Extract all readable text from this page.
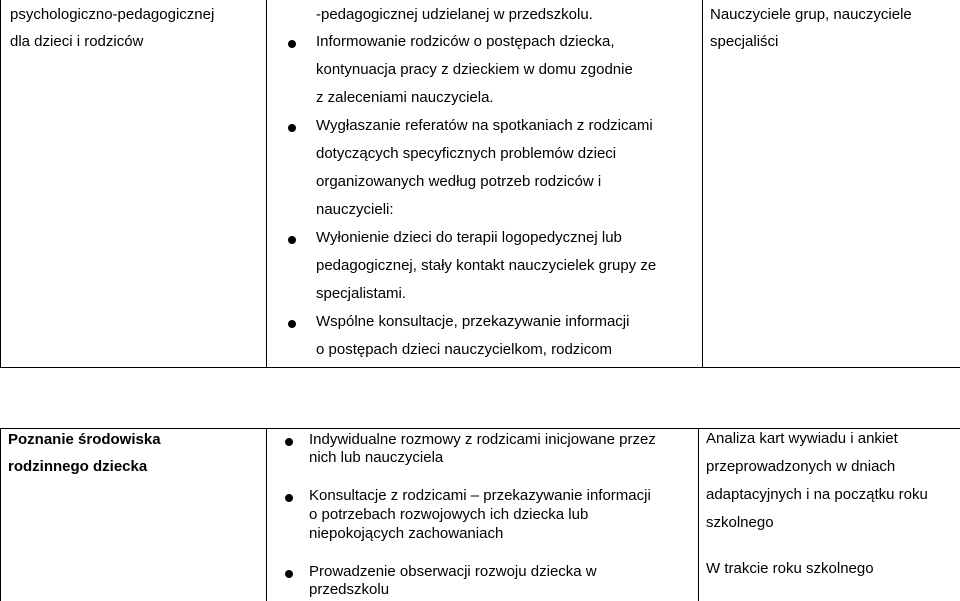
psychologiczno-pedagogicznej
dla dzieci i rodziców
-pedagogicznej udzielanej w przedszkolu.
Informowanie rodziców o postępach dziecka,
kontynuacja pracy z dzieckiem w domu zgodnie
z zaleceniami nauczyciela.
Wygłaszanie referatów na spotkaniach z rodzicami
dotyczących specyficznych problemów dzieci
organizowanych według potrzeb rodziców i
nauczycieli:
Wyłonienie dzieci do terapii logopedycznej lub
pedagogicznej, stały kontakt nauczycielek grupy ze
specjalistami.
Wspólne konsultacje, przekazywanie informacji
o postępach dzieci nauczycielkom, rodzicom
Nauczyciele grup, nauczyciele
specjaliści
Poznanie środowiska
rodzinnego dziecka
Indywidualne rozmowy z rodzicami inicjowane przez
nich lub nauczyciela
Konsultacje z rodzicami – przekazywanie informacji
o potrzebach rozwojowych ich dziecka lub
niepokojących zachowaniach
Prowadzenie obserwacji rozwoju dziecka w
przedszkolu
Analiza kart wywiadu i ankiet
przeprowadzonych w dniach
adaptacyjnych i na początku roku
szkolnego
W trakcie roku szkolnego
